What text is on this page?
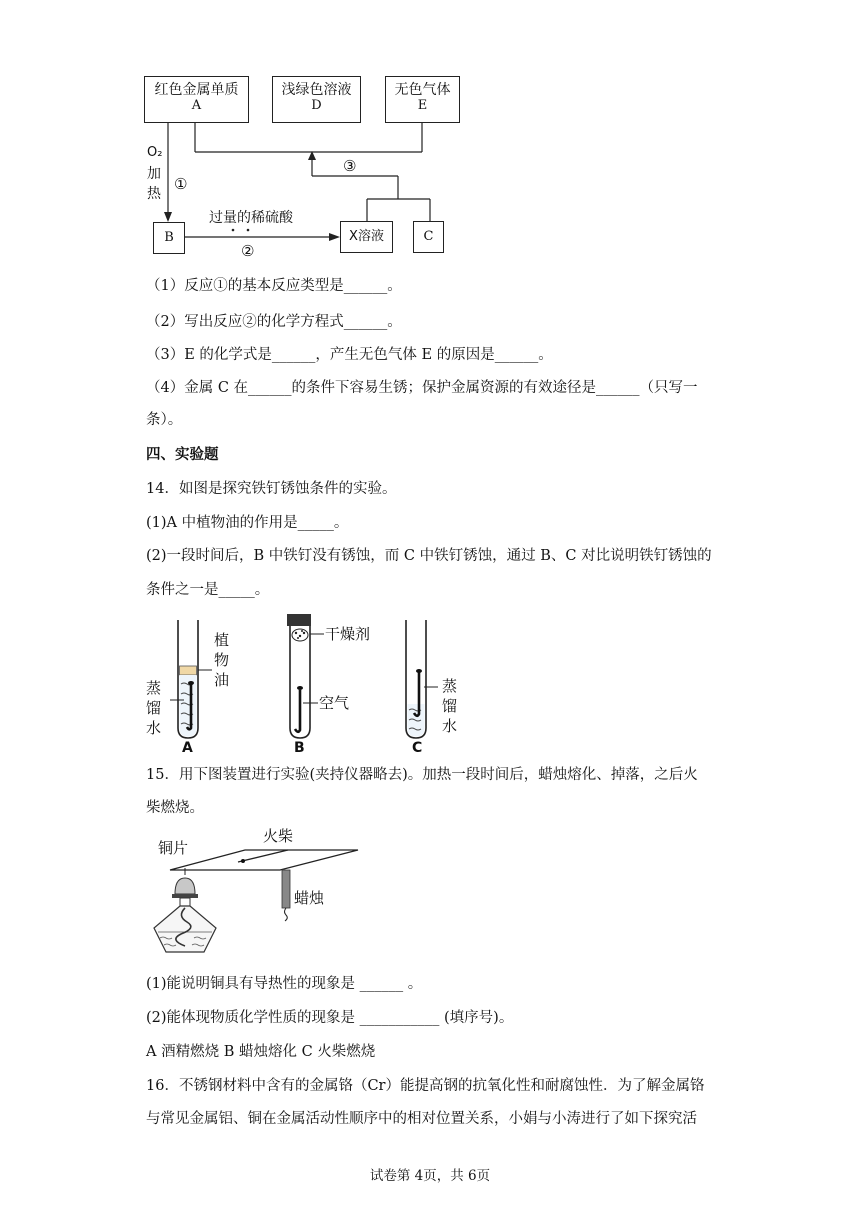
红色金属单质
A
浅绿色溶液
D
无色气体
E
B	X溶液	C
O₂
加
热
①
过量的稀硫酸
②
③
（1）反应①的基本反应类型是______。
（2）写出反应②的化学方程式______。
（3）E 的化学式是______，产生无色气体 E 的原因是______。
（4）金属 C 在______的条件下容易生锈；保护金属资源的有效途径是______（只写一
条）。
四、实验题
14．如图是探究铁钉锈蚀条件的实验。
(1)A 中植物油的作用是_____。
(2)一段时间后，B 中铁钉没有锈蚀，而 C 中铁钉锈蚀，通过 B、C 对比说明铁钉锈蚀的
条件之一是_____。
植
物
油
蒸
馏
水
干燥剂
空气
蒸
馏
水
A	B	C
15．用下图装置进行实验(夹持仪器略去)。加热一段时间后，蜡烛熔化、掉落，之后火
柴燃烧。
铜片
火柴
蜡烛
(1)能说明铜具有导热性的现象是 ______ 。
(2)能体现物质化学性质的现象是 ___________ (填序号)。
A 酒精燃烧 B 蜡烛熔化 C 火柴燃烧
16．不锈钢材料中含有的金属铬（Cr）能提高钢的抗氧化性和耐腐蚀性．为了解金属铬
与常见金属铝、铜在金属活动性顺序中的相对位置关系，小娟与小涛进行了如下探究活
试卷第 4页，共 6页
